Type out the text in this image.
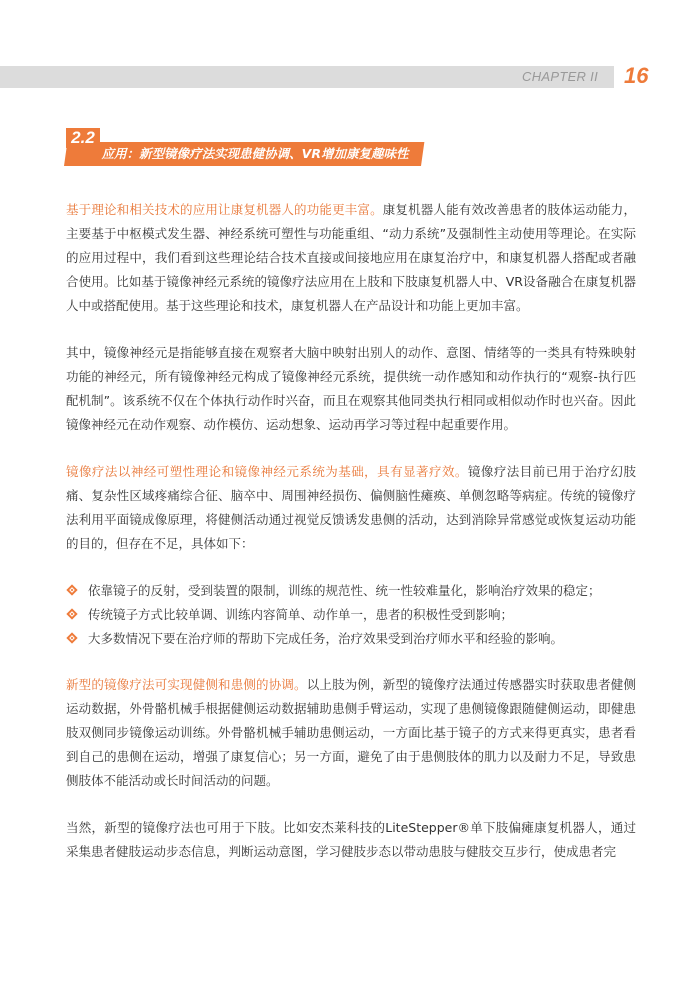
CHAPTER II 16
应用：新型镜像疗法实现患健协调、VR增加康复趣味性
2.2

基于理论和相关技术的应用让康复机器人的功能更丰富。康复机器人能有效改善患者的肢体运动能力，主要基于中枢模式发生器、神经系统可塑性与功能重组、“动力系统”及强制性主动使用等理论。在实际的应用过程中，我们看到这些理论结合技术直接或间接地应用在康复治疗中，和康复机器人搭配或者融合使用。比如基于镜像神经元系统的镜像疗法应用在上肢和下肢康复机器人中、VR设备融合在康复机器人中或搭配使用。基于这些理论和技术，康复机器人在产品设计和功能上更加丰富。

其中，镜像神经元是指能够直接在观察者大脑中映射出别人的动作、意图、情绪等的一类具有特殊映射功能的神经元，所有镜像神经元构成了镜像神经元系统，提供统一动作感知和动作执行的“观察-执行匹配机制”。该系统不仅在个体执行动作时兴奋，而且在观察其他同类执行相同或相似动作时也兴奋。因此镜像神经元在动作观察、动作模仿、运动想象、运动再学习等过程中起重要作用。

镜像疗法以神经可塑性理论和镜像神经元系统为基础，具有显著疗效。镜像疗法目前已用于治疗幻肢痛、复杂性区域疼痛综合征、脑卒中、周围神经损伤、偏侧脑性瘫痪、单侧忽略等病症。传统的镜像疗法利用平面镜成像原理，将健侧活动通过视觉反馈诱发患侧的活动，达到消除异常感觉或恢复运动功能的目的，但存在不足，具体如下：

依靠镜子的反射，受到装置的限制，训练的规范性、统一性较难量化，影响治疗效果的稳定；
传统镜子方式比较单调、训练内容简单、动作单一，患者的积极性受到影响；
大多数情况下要在治疗师的帮助下完成任务，治疗效果受到治疗师水平和经验的影响。

新型的镜像疗法可实现健侧和患侧的协调。以上肢为例，新型的镜像疗法通过传感器实时获取患者健侧运动数据，外骨骼机械手根据健侧运动数据辅助患侧手臂运动，实现了患侧镜像跟随健侧运动，即健患肢双侧同步镜像运动训练。外骨骼机械手辅助患侧运动，一方面比基于镜子的方式来得更真实，患者看到自己的患侧在运动，增强了康复信心；另一方面，避免了由于患侧肢体的肌力以及耐力不足，导致患侧肢体不能活动或长时间活动的问题。

当然，新型的镜像疗法也可用于下肢。比如安杰莱科技的LiteStepper®单下肢偏瘫康复机器人，通过采集患者健肢运动步态信息，判断运动意图，学习健肢步态以带动患肢与健肢交互步行，使成患者完
